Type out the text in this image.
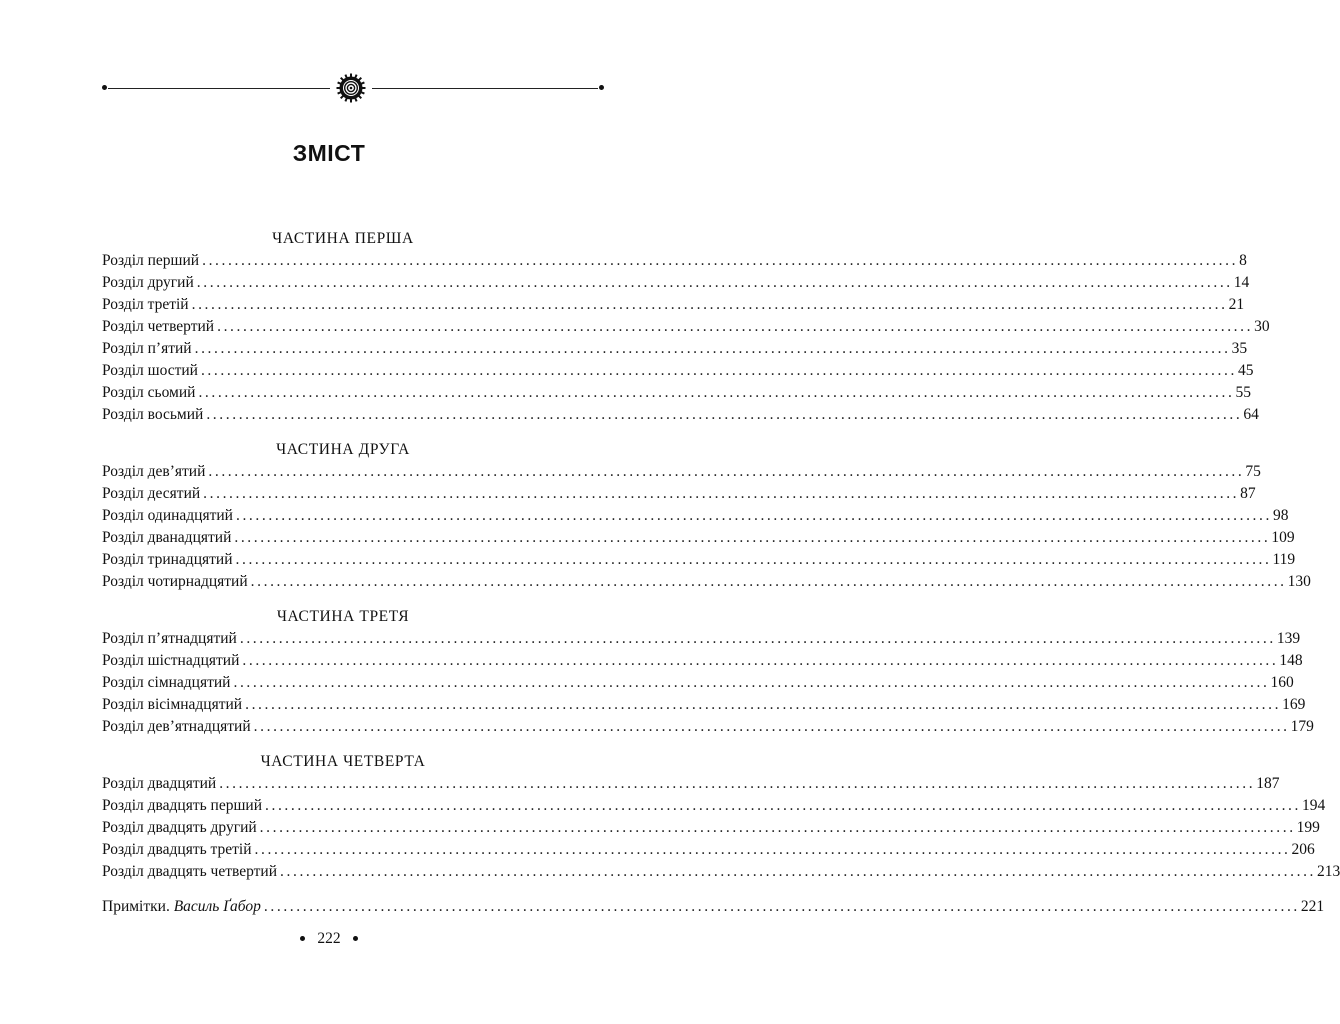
ЗМІСТ
ЧАСТИНА ПЕРША
Розділ перший ................................................................................................................................................................ 8
Розділ другий ................................................................................................................................................................ 14
Розділ третій ................................................................................................................................................................ 21
Розділ четвертий ................................................................................................................................................................ 30
Розділ п’ятий ................................................................................................................................................................ 35
Розділ шостий ................................................................................................................................................................ 45
Розділ сьомий ................................................................................................................................................................ 55
Розділ восьмий ................................................................................................................................................................ 64
ЧАСТИНА ДРУГА
Розділ дев’ятий ................................................................................................................................................................ 75
Розділ десятий ................................................................................................................................................................ 87
Розділ одинадцятий ................................................................................................................................................................ 98
Розділ дванадцятий ................................................................................................................................................................ 109
Розділ тринадцятий ................................................................................................................................................................ 119
Розділ чотирнадцятий ................................................................................................................................................................ 130
ЧАСТИНА ТРЕТЯ
Розділ п’ятнадцятий ................................................................................................................................................................ 139
Розділ шістнадцятий ................................................................................................................................................................ 148
Розділ сімнадцятий ................................................................................................................................................................ 160
Розділ вісімнадцятий ................................................................................................................................................................ 169
Розділ дев’ятнадцятий ................................................................................................................................................................ 179
ЧАСТИНА ЧЕТВЕРТА
Розділ двадцятий ................................................................................................................................................................ 187
Розділ двадцять перший ................................................................................................................................................................ 194
Розділ двадцять другий ................................................................................................................................................................ 199
Розділ двадцять третій ................................................................................................................................................................ 206
Розділ двадцять четвертий ................................................................................................................................................................ 213
Примітки. Василь Ґабор ................................................................................................................................................................ 221
222
